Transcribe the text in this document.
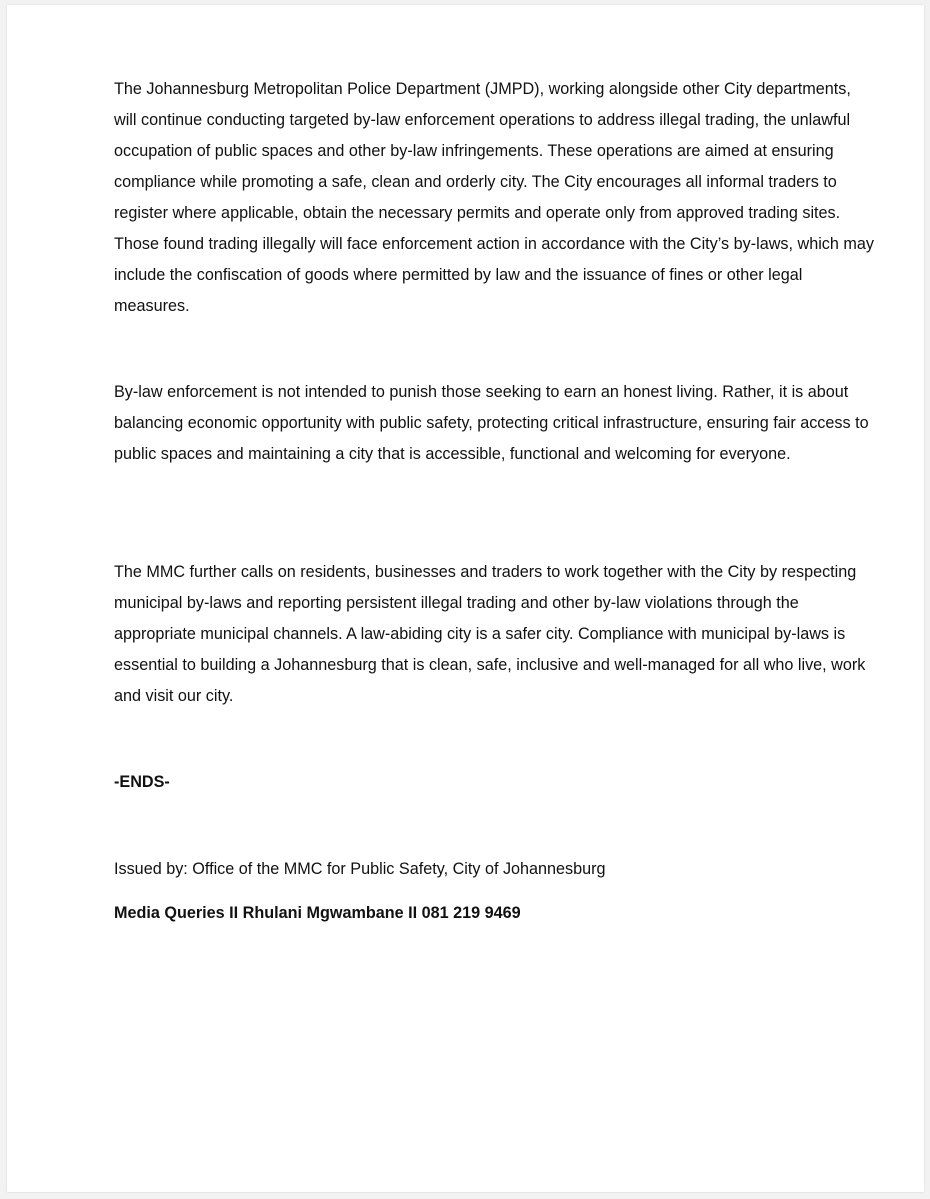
The Johannesburg Metropolitan Police Department (JMPD), working alongside other City departments, will continue conducting targeted by-law enforcement operations to address illegal trading, the unlawful occupation of public spaces and other by-law infringements. These operations are aimed at ensuring compliance while promoting a safe, clean and orderly city. The City encourages all informal traders to register where applicable, obtain the necessary permits and operate only from approved trading sites. Those found trading illegally will face enforcement action in accordance with the City’s by-laws, which may include the confiscation of goods where permitted by law and the issuance of fines or other legal measures.

By-law enforcement is not intended to punish those seeking to earn an honest living. Rather, it is about balancing economic opportunity with public safety, protecting critical infrastructure, ensuring fair access to public spaces and maintaining a city that is accessible, functional and welcoming for everyone.

The MMC further calls on residents, businesses and traders to work together with the City by respecting municipal by-laws and reporting persistent illegal trading and other by-law violations through the appropriate municipal channels. A law-abiding city is a safer city. Compliance with municipal by-laws is essential to building a Johannesburg that is clean, safe, inclusive and well-managed for all who live, work and visit our city.

-ENDS-
Issued by: Office of the MMC for Public Safety, City of Johannesburg
Media Queries II Rhulani Mgwambane II 081 219 9469
